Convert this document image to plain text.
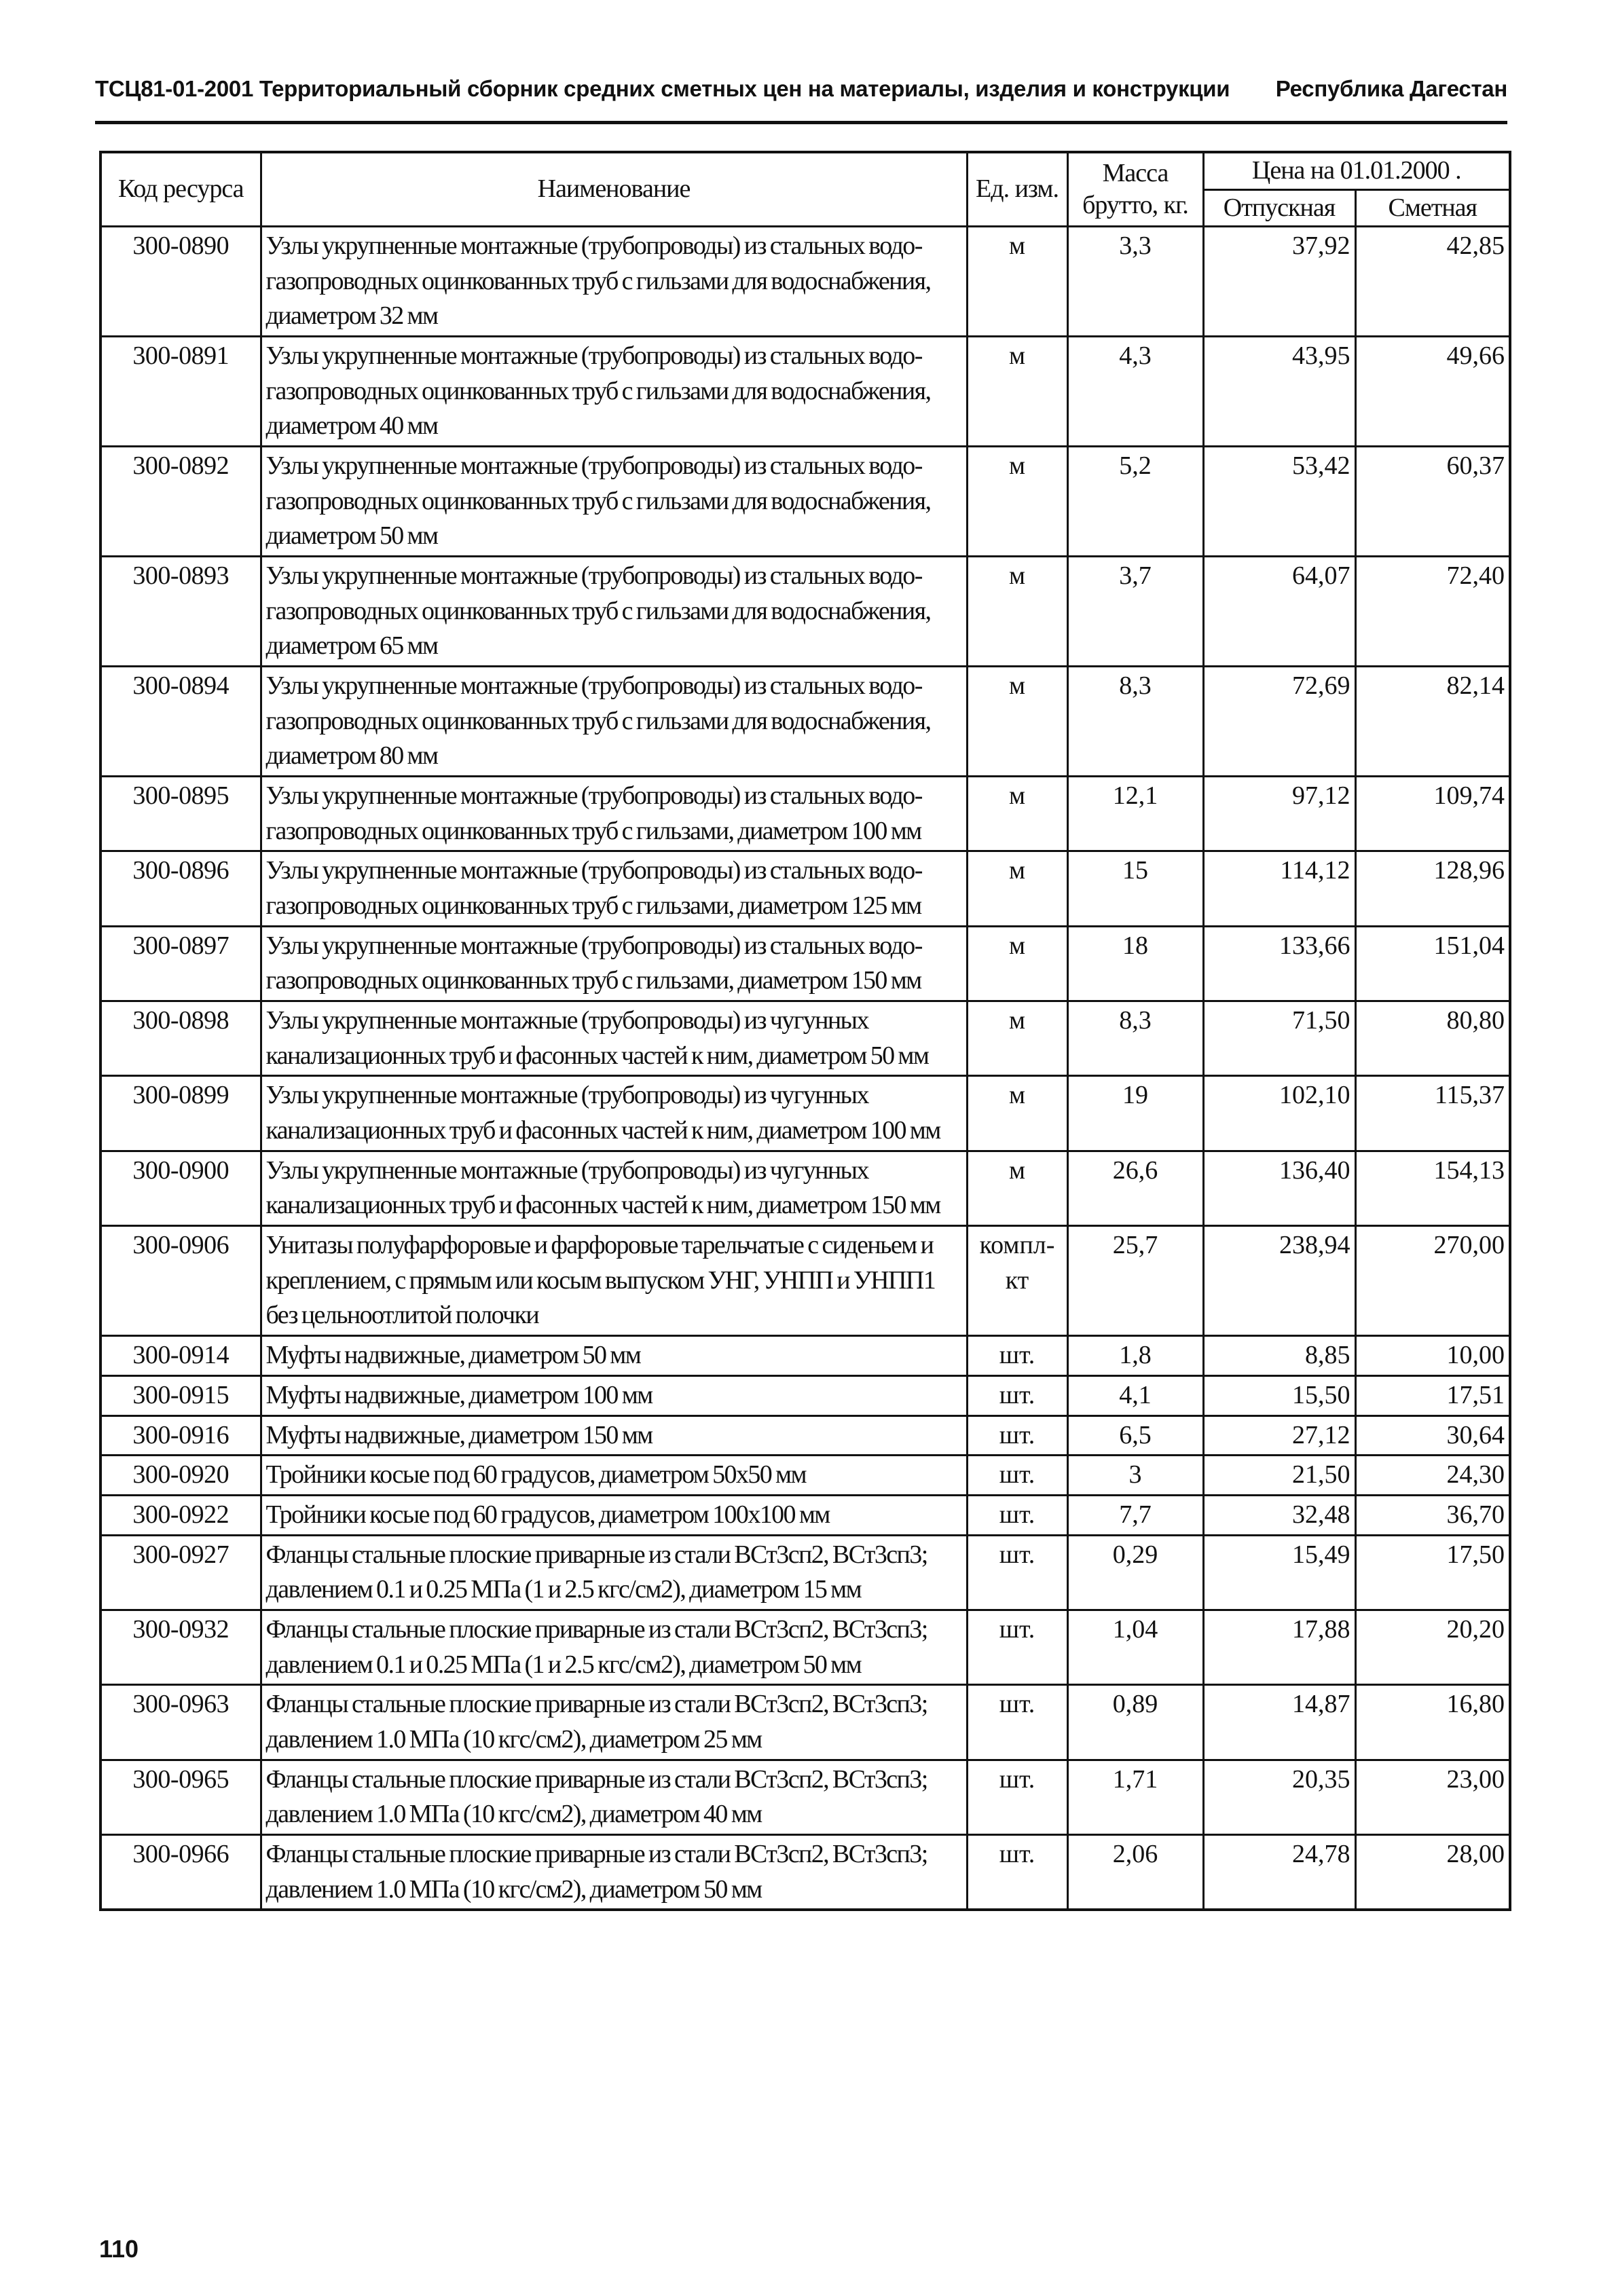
ТСЦ81-01-2001 Территориальный сборник средних сметных цен на материалы, изделия и конструкции Республика Дагестан
Код ресурса	Наименование	Ед. изм.	Масса брутто, кг.	Цена на 01.01.2000 .	
				Отпускная	Сметная
300-0890	Узлы укрупненные монтажные (трубопроводы) из стальных водо-газопроводных оцинкованных труб с гильзами для водоснабжения, диаметром 32 мм	м	3,3	37,92	42,85
300-0891	Узлы укрупненные монтажные (трубопроводы) из стальных водо-газопроводных оцинкованных труб с гильзами для водоснабжения, диаметром 40 мм	м	4,3	43,95	49,66
300-0892	Узлы укрупненные монтажные (трубопроводы) из стальных водо-газопроводных оцинкованных труб с гильзами для водоснабжения, диаметром 50 мм	м	5,2	53,42	60,37
300-0893	Узлы укрупненные монтажные (трубопроводы) из стальных водо-газопроводных оцинкованных труб с гильзами для водоснабжения, диаметром 65 мм	м	3,7	64,07	72,40
300-0894	Узлы укрупненные монтажные (трубопроводы) из стальных водо-газопроводных оцинкованных труб с гильзами для водоснабжения, диаметром 80 мм	м	8,3	72,69	82,14
300-0895	Узлы укрупненные монтажные (трубопроводы) из стальных водо-газопроводных оцинкованных труб с гильзами, диаметром 100 мм	м	12,1	97,12	109,74
300-0896	Узлы укрупненные монтажные (трубопроводы) из стальных водо-газопроводных оцинкованных труб с гильзами, диаметром 125 мм	м	15	114,12	128,96
300-0897	Узлы укрупненные монтажные (трубопроводы) из стальных водо-газопроводных оцинкованных труб с гильзами, диаметром 150 мм	м	18	133,66	151,04
300-0898	Узлы укрупненные монтажные (трубопроводы) из чугунных канализационных труб и фасонных частей к ним, диаметром 50 мм	м	8,3	71,50	80,80
300-0899	Узлы укрупненные монтажные (трубопроводы) из чугунных канализационных труб и фасонных частей к ним, диаметром 100 мм	м	19	102,10	115,37
300-0900	Узлы укрупненные монтажные (трубопроводы) из чугунных канализационных труб и фасонных частей к ним, диаметром 150 мм	м	26,6	136,40	154,13
300-0906	Унитазы полуфарфоровые и фарфоровые тарельчатые с сиденьем и креплением, с прямым или косым выпуском УНГ, УНПП и УНПП1 без цельноотлитой полочки	компл-кт	25,7	238,94	270,00
300-0914	Муфты надвижные, диаметром 50 мм	шт.	1,8	8,85	10,00
300-0915	Муфты надвижные, диаметром 100 мм	шт.	4,1	15,50	17,51
300-0916	Муфты надвижные, диаметром 150 мм	шт.	6,5	27,12	30,64
300-0920	Тройники косые под 60 градусов, диаметром 50х50 мм	шт.	3	21,50	24,30
300-0922	Тройники косые под 60 градусов, диаметром 100х100 мм	шт.	7,7	32,48	36,70
300-0927	Фланцы стальные плоские приварные из стали ВСт3сп2, ВСт3сп3; давлением 0.1 и 0.25 МПа (1 и 2.5 кгс/см2), диаметром 15 мм	шт.	0,29	15,49	17,50
300-0932	Фланцы стальные плоские приварные из стали ВСт3сп2, ВСт3сп3; давлением 0.1 и 0.25 МПа (1 и 2.5 кгс/см2), диаметром 50 мм	шт.	1,04	17,88	20,20
300-0963	Фланцы стальные плоские приварные из стали ВСт3сп2, ВСт3сп3; давлением 1.0 МПа (10 кгс/см2), диаметром 25 мм	шт.	0,89	14,87	16,80
300-0965	Фланцы стальные плоские приварные из стали ВСт3сп2, ВСт3сп3; давлением 1.0 МПа (10 кгс/см2), диаметром 40 мм	шт.	1,71	20,35	23,00
300-0966	Фланцы стальные плоские приварные из стали ВСт3сп2, ВСт3сп3; давлением 1.0 МПа (10 кгс/см2), диаметром 50 мм	шт.	2,06	24,78	28,00
110
